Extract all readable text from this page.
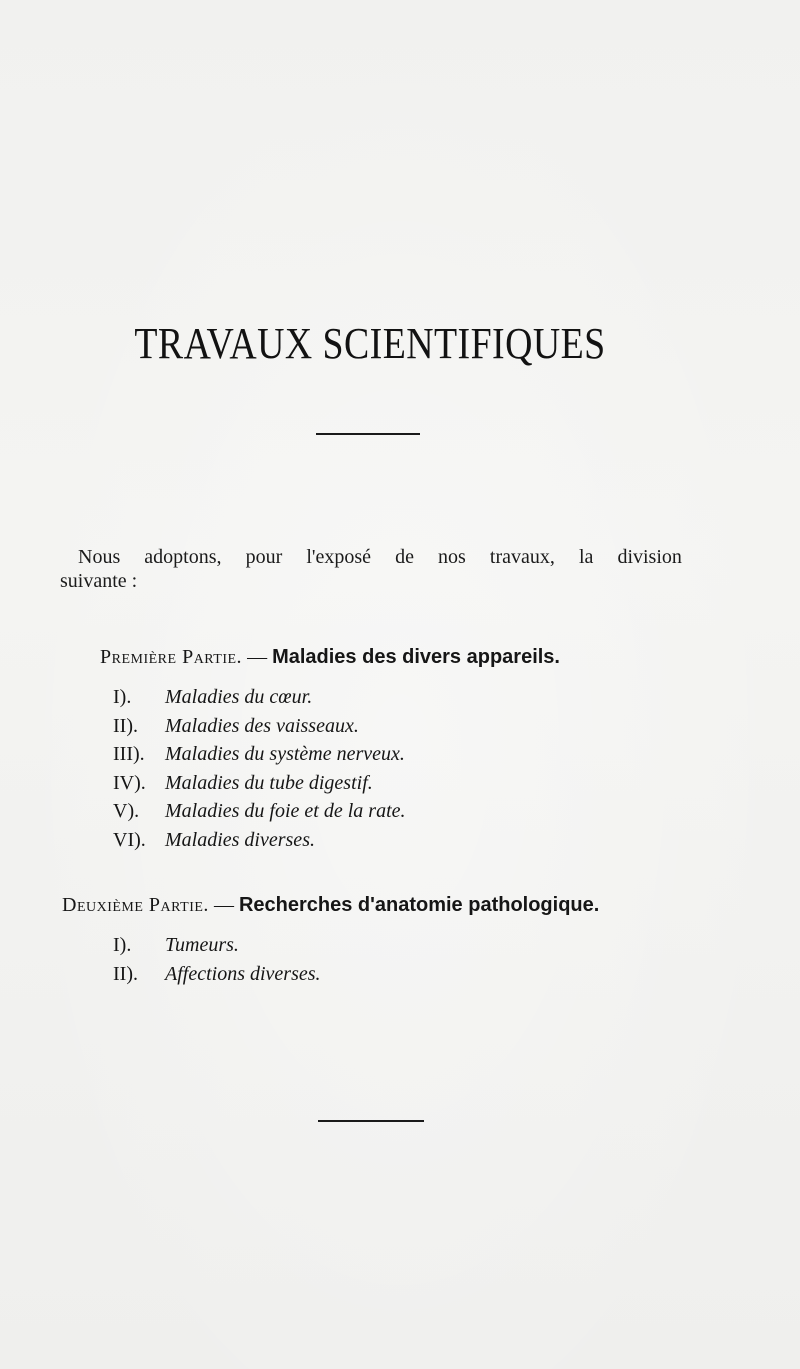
TRAVAUX SCIENTIFIQUES
Nous adoptons, pour l'exposé de nos travaux, la division
suivante :
Première Partie. — Maladies des divers appareils.
I). Maladies du cœur.
II). Maladies des vaisseaux.
III). Maladies du système nerveux.
IV). Maladies du tube digestif.
V). Maladies du foie et de la rate.
VI). Maladies diverses.
Deuxième Partie. — Recherches d'anatomie pathologique.
I). Tumeurs.
II). Affections diverses.
